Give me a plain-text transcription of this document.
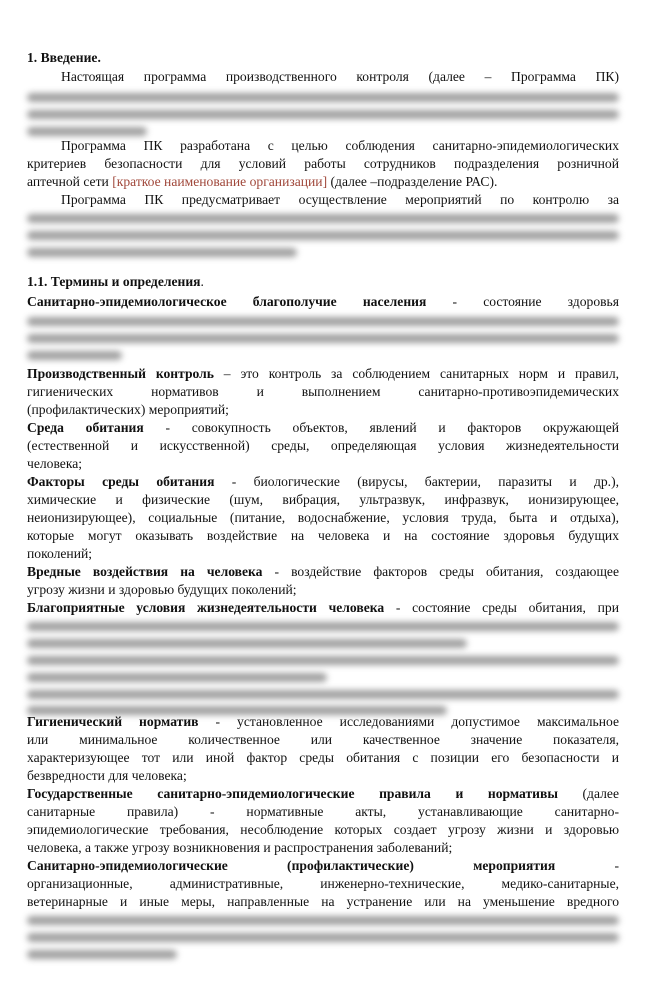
1. Введение.
Настоящая программа производственного контроля (далее – Программа ПК)
Программа ПК разработана с целью соблюдения санитарно-эпидемиологических
критериев безопасности для условий работы сотрудников подразделения розничной
аптечной сети [краткое наименование организации] (далее –подразделение РАС).
Программа ПК предусматривает осуществление мероприятий по контролю за
1.1. Термины и определения.
Санитарно-эпидемиологическое благополучие населения - состояние здоровья
Производственный контроль – это контроль за соблюдением санитарных норм и правил,
гигиенических нормативов и выполнением санитарно-противоэпидемических
(профилактических) мероприятий;
Среда обитания - совокупность объектов, явлений и факторов окружающей
(естественной и искусственной) среды, определяющая условия жизнедеятельности
человека;
Факторы среды обитания - биологические (вирусы, бактерии, паразиты и др.),
химические и физические (шум, вибрация, ультразвук, инфразвук, ионизирующее,
неионизирующее), социальные (питание, водоснабжение, условия труда, быта и отдыха),
которые могут оказывать воздействие на человека и на состояние здоровья будущих
поколений;
Вредные воздействия на человека - воздействие факторов среды обитания, создающее
угрозу жизни и здоровью будущих поколений;
Благоприятные условия жизнедеятельности человека - состояние среды обитания, при
Гигиенический норматив - установленное исследованиями допустимое максимальное
или минимальное количественное или качественное значение показателя,
характеризующее тот или иной фактор среды обитания с позиции его безопасности и
безвредности для человека;
Государственные санитарно-эпидемиологические правила и нормативы (далее
санитарные правила) - нормативные акты, устанавливающие санитарно-
эпидемиологические требования, несоблюдение которых создает угрозу жизни и здоровью
человека, а также угрозу возникновения и распространения заболеваний;
Санитарно-эпидемиологические (профилактические) мероприятия -
организационные, административные, инженерно-технические, медико-санитарные,
ветеринарные и иные меры, направленные на устранение или на уменьшение вредного
